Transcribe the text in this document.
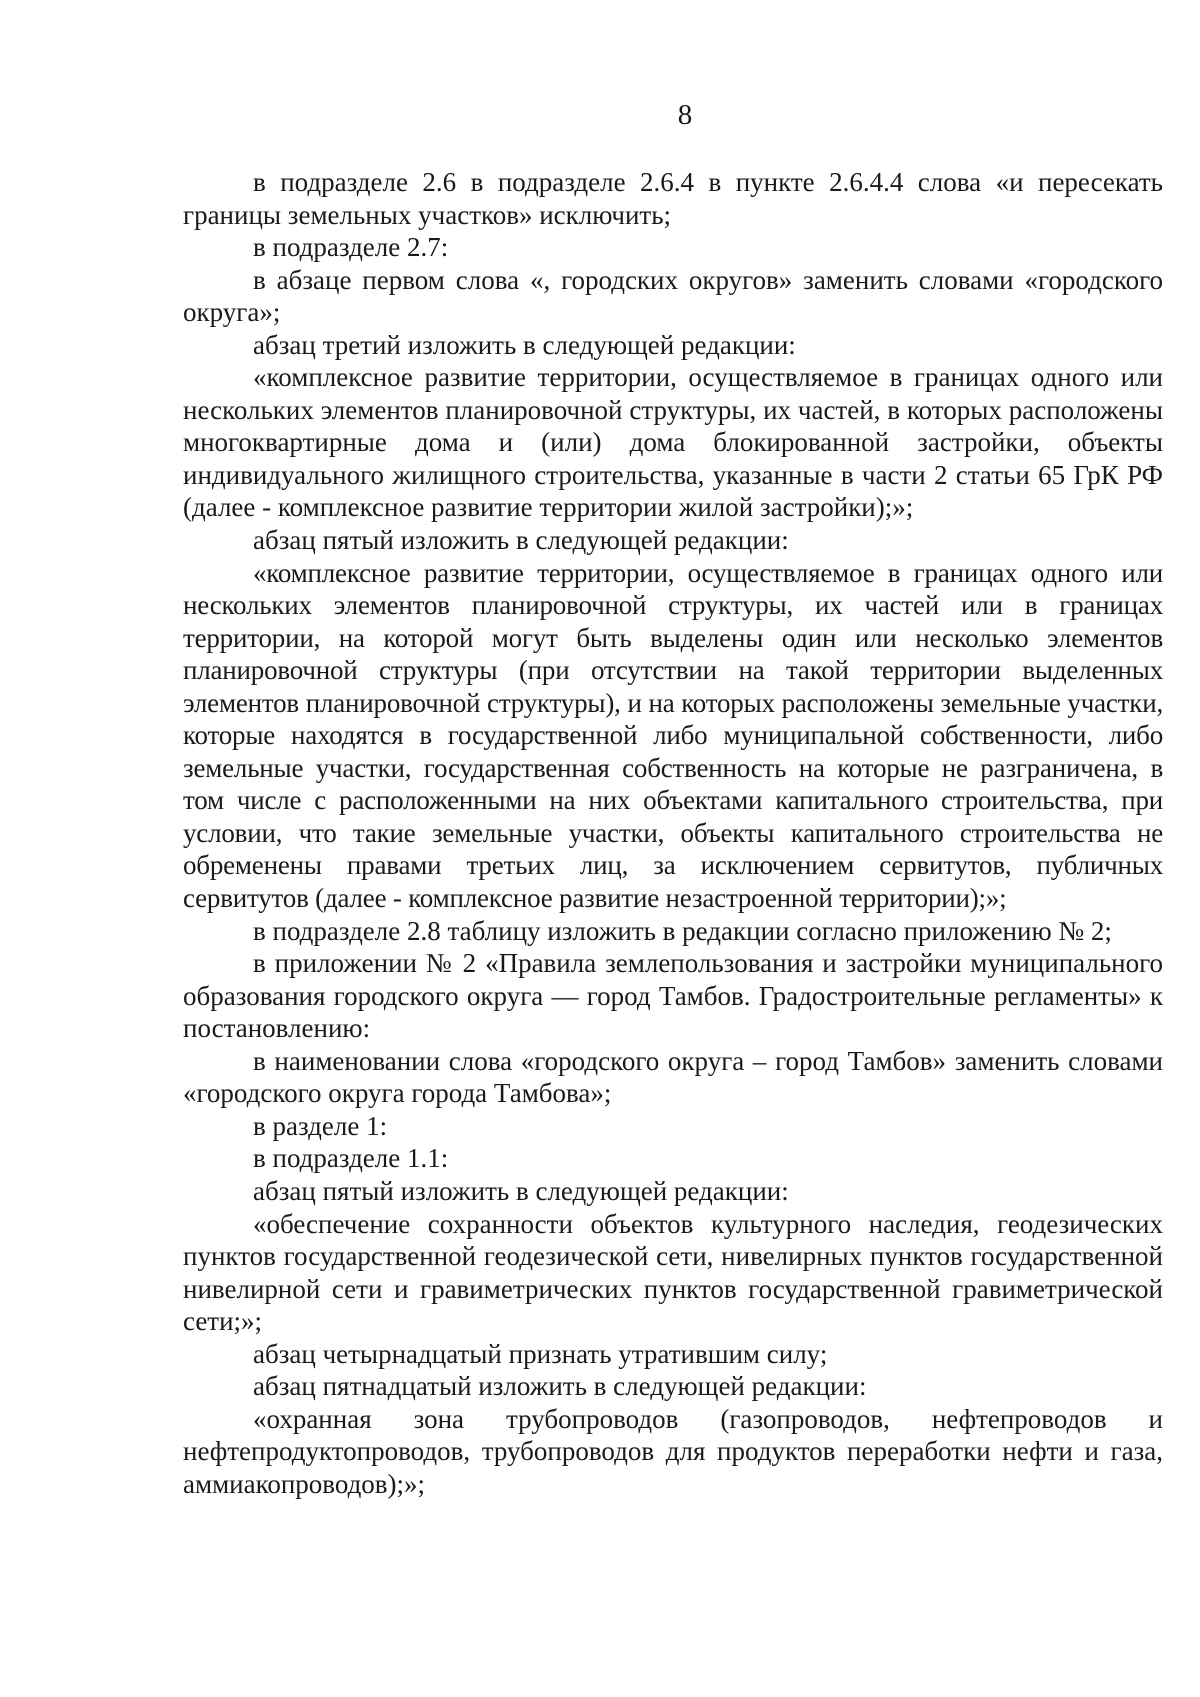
8

в подразделе 2.6 в подразделе 2.6.4 в пункте 2.6.4.4 слова «и пересекать границы земельных участков» исключить;

в подразделе 2.7:

в абзаце первом слова «, городских округов» заменить словами «городского округа»;

абзац третий изложить в следующей редакции:

«комплексное развитие территории, осуществляемое в границах одного или нескольких элементов планировочной структуры, их частей, в которых расположены многоквартирные дома и (или) дома блокированной застройки, объекты индивидуального жилищного строительства, указанные в части 2 статьи 65 ГрК РФ (далее - комплексное развитие территории жилой застройки);»;

абзац пятый изложить в следующей редакции:

«комплексное развитие территории, осуществляемое в границах одного или нескольких элементов планировочной структуры, их частей или в границах территории, на которой могут быть выделены один или несколько элементов планировочной структуры (при отсутствии на такой территории выделенных элементов планировочной структуры), и на которых расположены земельные участки, которые находятся в государственной либо муниципальной собственности, либо земельные участки, государственная собственность на которые не разграничена, в том числе с расположенными на них объектами капитального строительства, при условии, что такие земельные участки, объекты капитального строительства не обременены правами третьих лиц, за исключением сервитутов, публичных сервитутов (далее - комплексное развитие незастроенной территории);»;

в подразделе 2.8 таблицу изложить в редакции согласно приложению № 2;

в приложении № 2 «Правила землепользования и застройки муниципального образования городского округа — город Тамбов. Градостроительные регламенты» к постановлению:

в наименовании слова «городского округа – город Тамбов» заменить словами «городского округа города Тамбова»;

в разделе 1:

в подразделе 1.1:

абзац пятый изложить в следующей редакции:

«обеспечение сохранности объектов культурного наследия, геодезических пунктов государственной геодезической сети, нивелирных пунктов государственной нивелирной сети и гравиметрических пунктов государственной гравиметрической сети;»;

абзац четырнадцатый признать утратившим силу;

абзац пятнадцатый изложить в следующей редакции:

«охранная зона трубопроводов (газопроводов, нефтепроводов и нефтепродуктопроводов, трубопроводов для продуктов переработки нефти и газа, аммиакопроводов);»;
